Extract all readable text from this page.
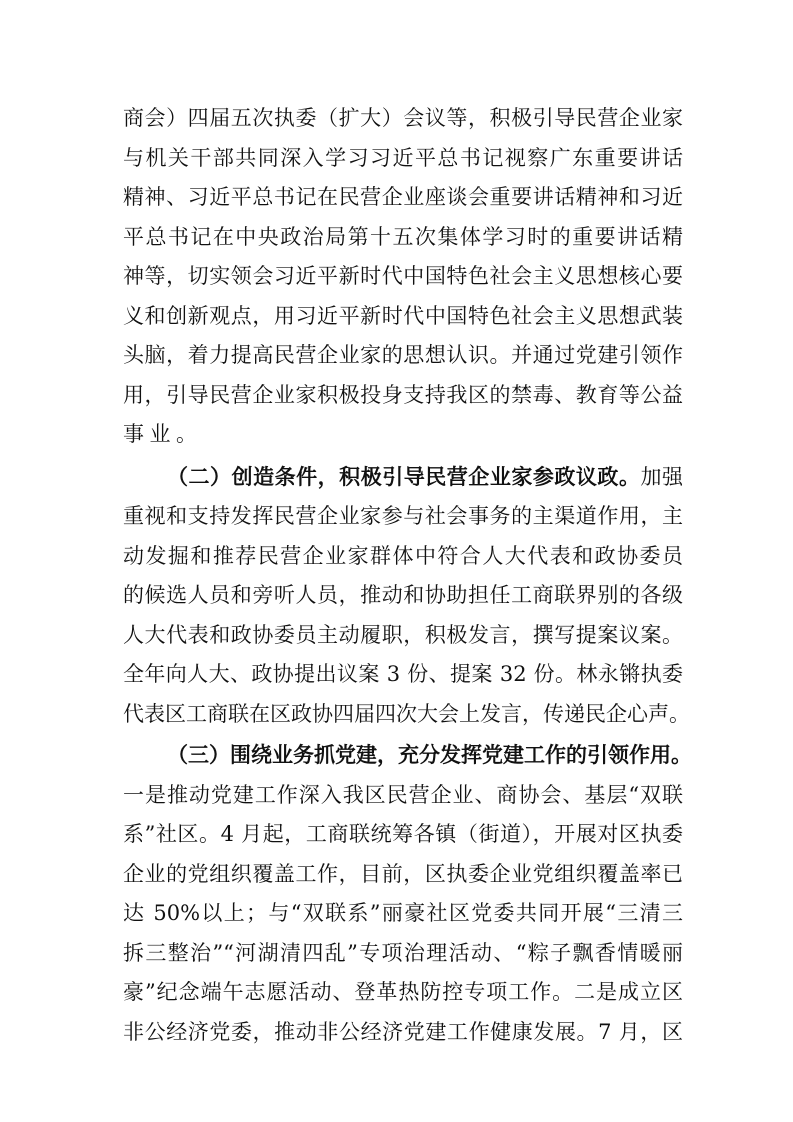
商会）四届五次执委（扩大）会议等，积极引导民营企业家
与机关干部共同深入学习习近平总书记视察广东重要讲话
精神、习近平总书记在民营企业座谈会重要讲话精神和习近
平总书记在中央政治局第十五次集体学习时的重要讲话精
神等，切实领会习近平新时代中国特色社会主义思想核心要
义和创新观点，用习近平新时代中国特色社会主义思想武装
头脑，着力提高民营企业家的思想认识。并通过党建引领作
用，引导民营企业家积极投身支持我区的禁毒、教育等公益
事业。
（二）创造条件，积极引导民营企业家参政议政。加强
重视和支持发挥民营企业家参与社会事务的主渠道作用，主
动发掘和推荐民营企业家群体中符合人大代表和政协委员
的候选人员和旁听人员，推动和协助担任工商联界别的各级
人大代表和政协委员主动履职，积极发言，撰写提案议案。
全年向人大、政协提出议案 3 份、提案 32 份。林永锵执委
代表区工商联在区政协四届四次大会上发言，传递民企心声。
（三）围绕业务抓党建，充分发挥党建工作的引领作用。
一是推动党建工作深入我区民营企业、商协会、基层“双联
系”社区。4 月起，工商联统筹各镇（街道），开展对区执委
企业的党组织覆盖工作，目前，区执委企业党组织覆盖率已
达 50%以上；与“双联系”丽豪社区党委共同开展“三清三
拆三整治”“河湖清四乱”专项治理活动、“粽子飘香情暖丽
豪”纪念端午志愿活动、登革热防控专项工作。二是成立区
非公经济党委，推动非公经济党建工作健康发展。7 月，区
